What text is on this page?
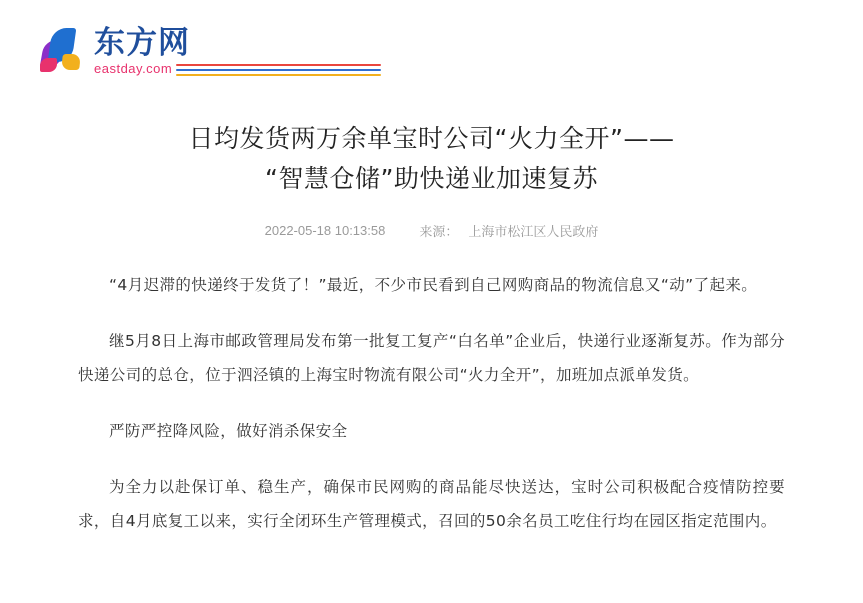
东方网
eastday.com
日均发货两万余单宝时公司“火力全开”——
“智慧仓储”助快递业加速复苏
2022-05-18 10:13:58	来源： 上海市松江区人民政府

“4月迟滞的快递终于发货了！”最近，不少市民看到自己网购商品的物流信息又“动”了起来。

继5月8日上海市邮政管理局发布第一批复工复产“白名单”企业后，快递行业逐渐复苏。作为部分快递公司的总仓，位于泗泾镇的上海宝时物流有限公司“火力全开”，加班加点派单发货。

严防严控降风险，做好消杀保安全

为全力以赴保订单、稳生产，确保市民网购的商品能尽快送达，宝时公司积极配合疫情防控要求，自4月底复工以来，实行全闭环生产管理模式，召回的50余名员工吃住行均在园区指定范围内。
